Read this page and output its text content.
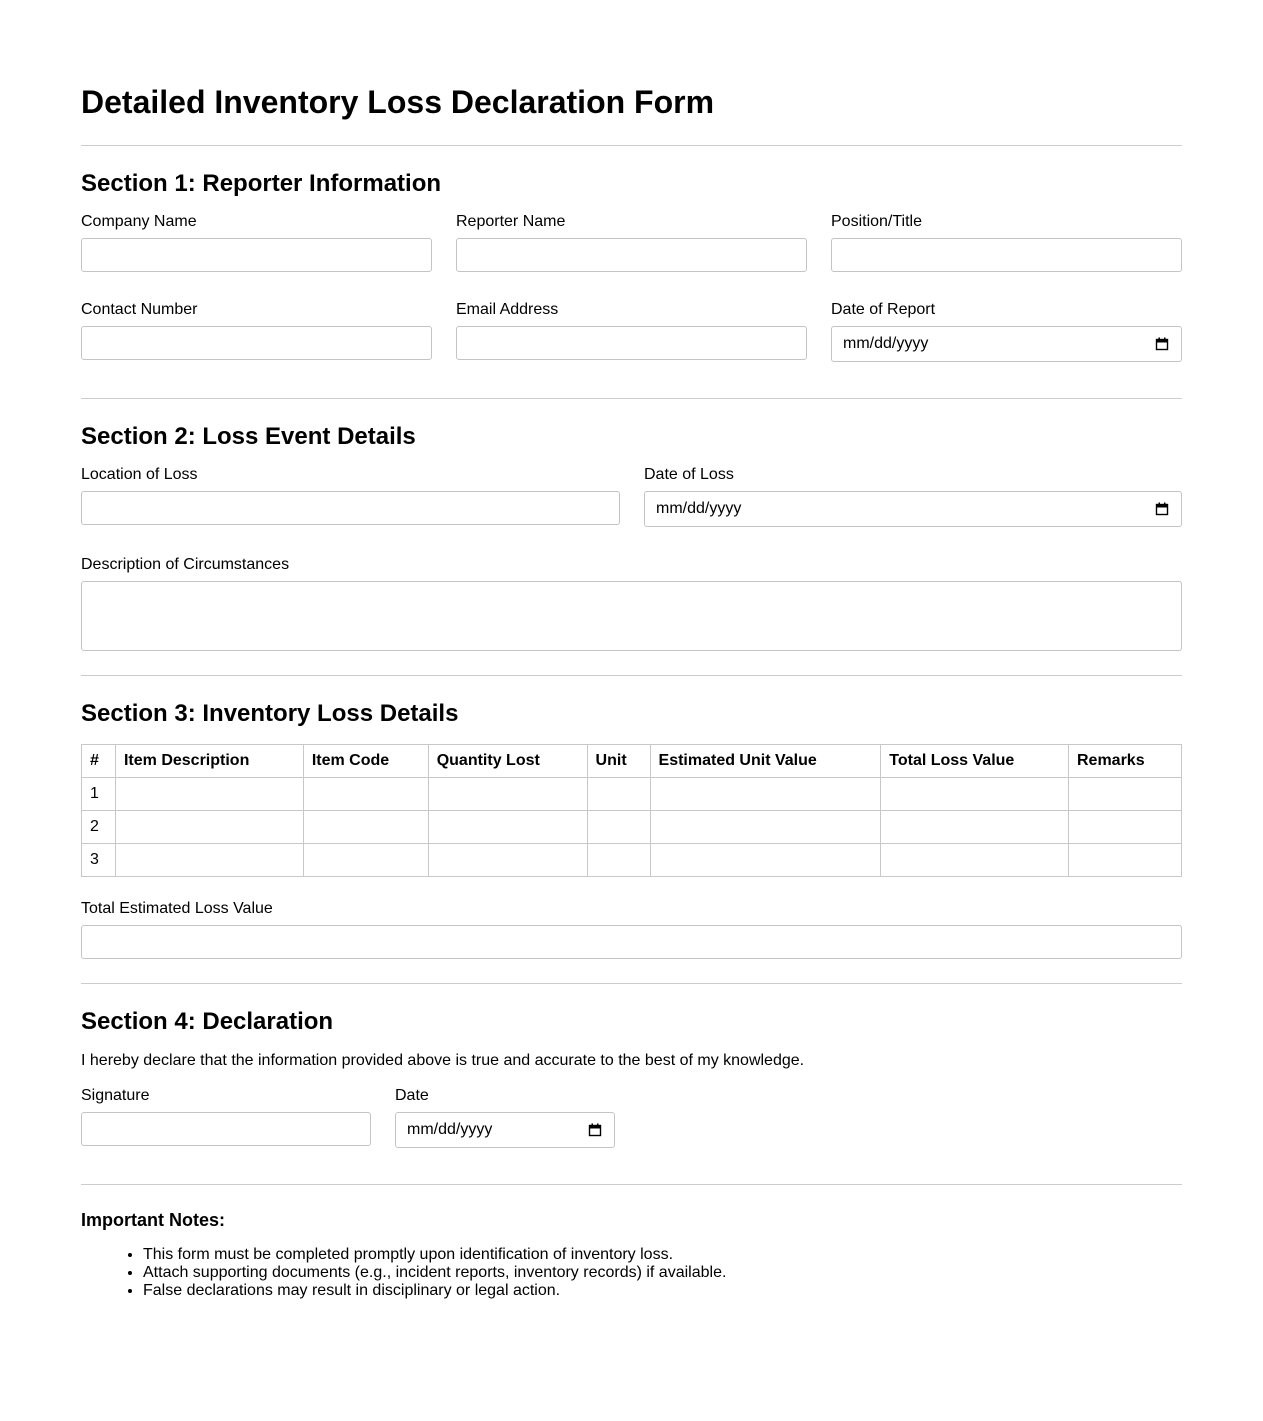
Detailed Inventory Loss Declaration Form
Section 1: Reporter Information
Company Name	Reporter Name	Position/Title
Contact Number	Email Address	Date of Report
mm/dd/yyyy
Section 2: Loss Event Details
Location of Loss	Date of Loss
mm/dd/yyyy
Description of Circumstances
Section 3: Inventory Loss Details
#	Item Description	Item Code	Quantity Lost	Unit	Estimated Unit Value	Total Loss Value	Remarks
1							
2							
3							
Total Estimated Loss Value
Section 4: Declaration
I hereby declare that the information provided above is true and accurate to the best of my knowledge.
Signature	Date
mm/dd/yyyy
Important Notes:
• This form must be completed promptly upon identification of inventory loss.
• Attach supporting documents (e.g., incident reports, inventory records) if available.
• False declarations may result in disciplinary or legal action.
